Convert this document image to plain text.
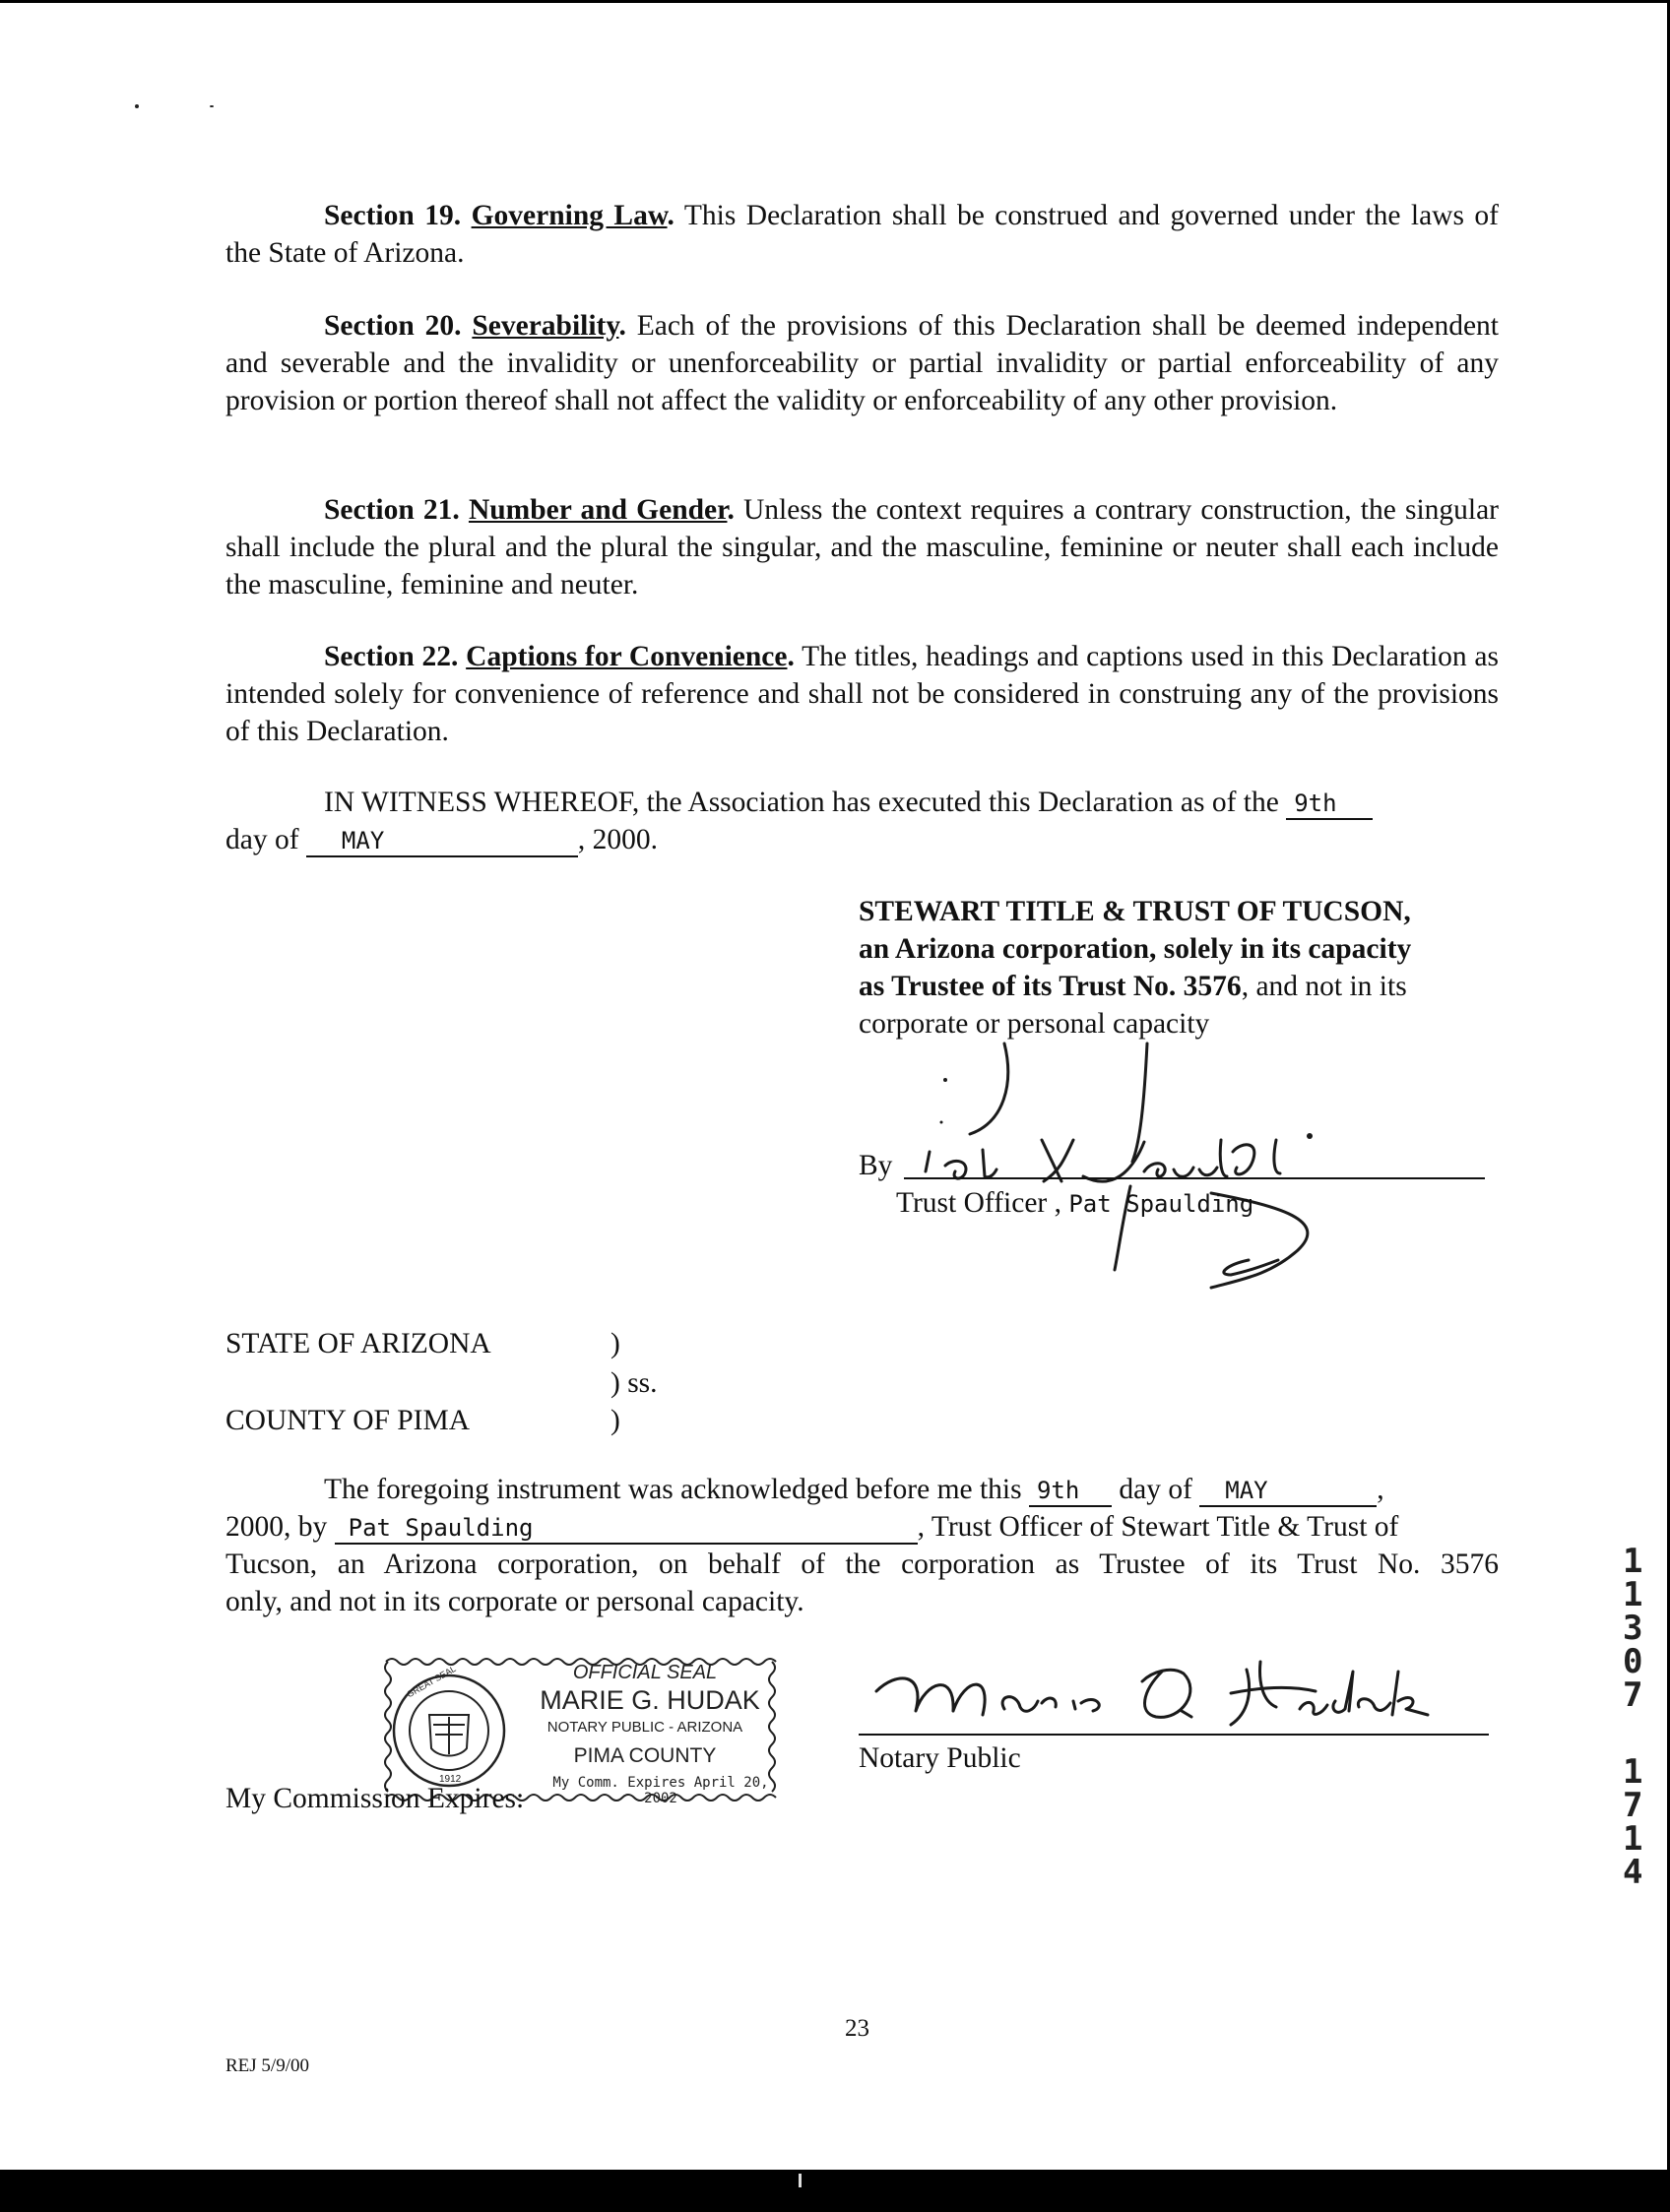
Section 19. Governing Law. This Declaration shall be construed and governed under the laws of the State of Arizona.

Section 20. Severability. Each of the provisions of this Declaration shall be deemed independent and severable and the invalidity or unenforceability or partial invalidity or partial enforceability of any provision or portion thereof shall not affect the validity or enforceability of any other provision.

Section 21. Number and Gender. Unless the context requires a contrary construction, the singular shall include the plural and the plural the singular, and the masculine, feminine or neuter shall each include the masculine, feminine and neuter.

Section 22. Captions for Convenience. The titles, headings and captions used in this Declaration as intended solely for convenience of reference and shall not be considered in construing any of the provisions of this Declaration.

IN WITNESS WHEREOF, the Association has executed this Declaration as of the 9th
day of MAY	, 2000.
STEWART TITLE & TRUST OF TUCSON,
an Arizona corporation, solely in its capacity
as Trustee of its Trust No. 3576, and not in its
corporate or personal capacity
By
Trust Officer , Pat Spaulding
STATE OF ARIZONA	)
) ss.
COUNTY OF PIMA	)
The foregoing instrument was acknowledged before me this 9th day of MAY	,
2000, by Pat Spaulding	, Trust Officer of Stewart Title & Trust of
Tucson, an Arizona corporation, on behalf of the corporation as Trustee of its Trust No. 3576
only, and not in its corporate or personal capacity.
GREAT SEAL
1912
OFFICIAL SEAL
MARIE G. HUDAK
NOTARY PUBLIC - ARIZONA
PIMA COUNTY
My Comm. Expires April 20, 2002
My Commission Expires:
Notary Public
1
1
3
0
7
1
7
1
4
23
REJ 5/9/00
